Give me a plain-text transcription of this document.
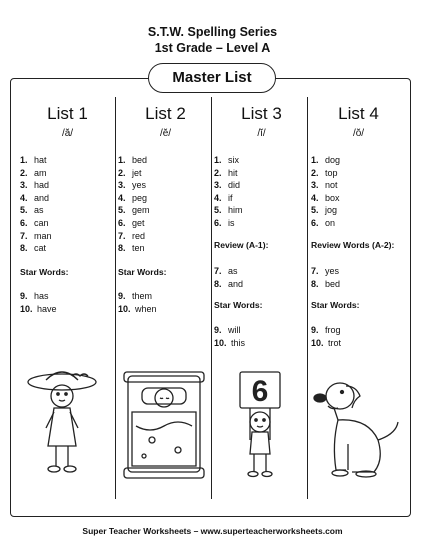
S.T.W. Spelling Series
1st Grade – Level A
Master List
List 1
/ă/
1. hat
2. am
3. had
4. and
5. as
6. can
7. man
8. cat
Star Words:
9. has
10. have
List 2
/ĕ/
1. bed
2. jet
3. yes
4. peg
5. gem
6. get
7. red
8. ten
Star Words:
9. them
10. when
List 3
/ĭ/
1. six
2. hit
3. did
4. if
5. him
6. is
Review (A-1):
7. as
8. and
Star Words:
9. will
10. this
List 4
/ŏ/
1. dog
2. top
3. not
4. box
5. jog
6. on
Review Words (A-2):
7. yes
8. bed
Star Words:
9. frog
10. trot
6
Super Teacher Worksheets – www.superteacherworksheets.com
